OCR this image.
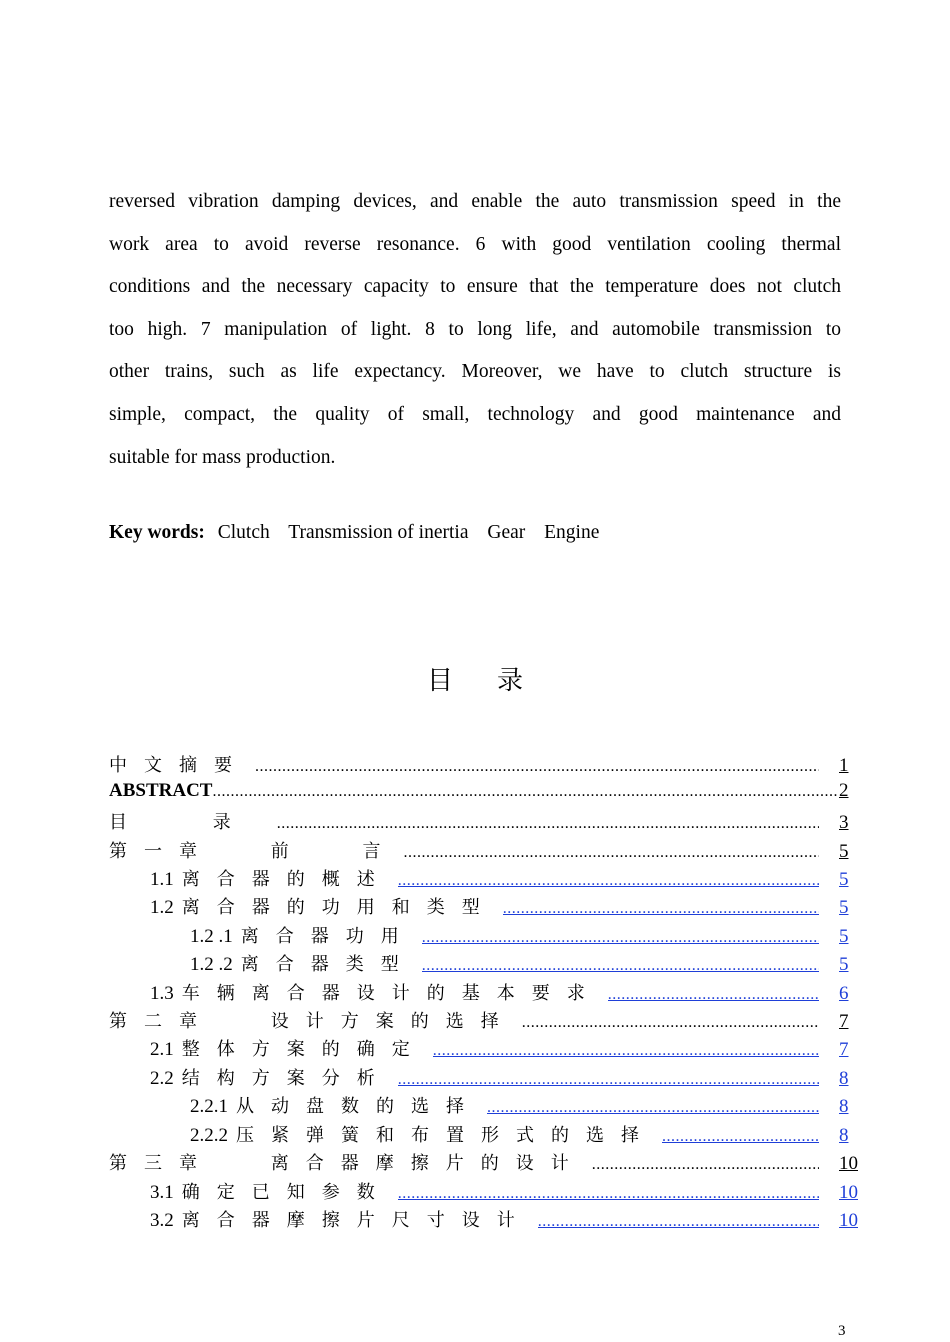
reversed vibration damping devices, and enable the auto transmission speed in the
work area to avoid reverse resonance. 6 with good ventilation cooling thermal
conditions and the necessary capacity to ensure that the temperature does not clutch
too high. 7 manipulation of light. 8 to long life, and automobile transmission to
other trains, such as life expectancy. Moreover, we have to clutch structure is
simple, compact, the quality of small, technology and good maintenance and
suitable for mass production.
Key words: Clutch Transmission of inertia Gear Engine
目录
中文摘要 .....	1
ABSTRACT .....	2
目 录 .....	3
第一章 前 言 .....	5
1.1 离合器的概述 .....	5
1.2 离合器的功用和类型 .....	5
1.2 .1 离合器功用 .....	5
1.2 .2 离合器类型 .....	5
1.3 车辆离合器设计的基本要求 .....	6
第二章 设计方案的选择 .....	7
2.1 整体方案的确定 .....	7
2.2 结构方案分析 .....	8
2.2.1 从动盘数的选择 .....	8
2.2.2 压紧弹簧和布置形式的选择 .....	8
第三章 离合器摩擦片的设计 .....	10
3.1 确定已知参数 .....	10
3.2 离合器摩擦片尺寸设计 .....	10
3
